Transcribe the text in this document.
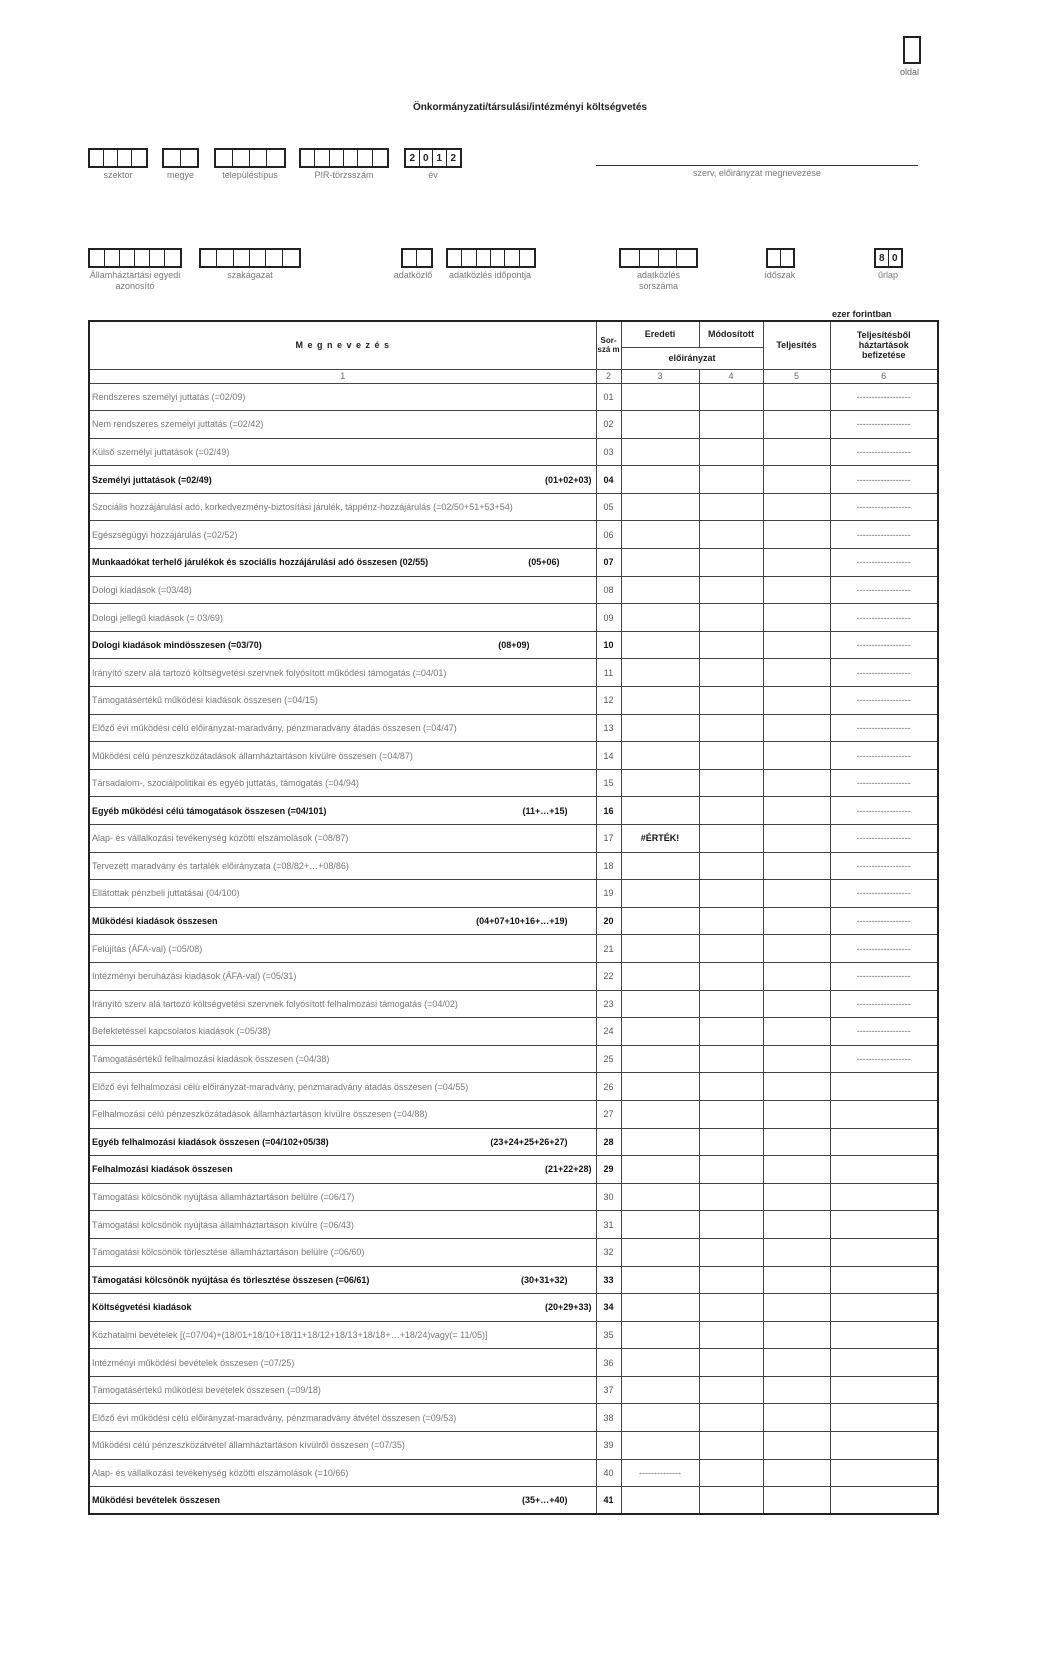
oldal
Önkormányzati/társulási/intézményi költségvetés
szektor	megye	településtípus	PIR-törzsszám
2 0 1 2
év	szerv, előirányzat megnevezése
Államháztartási egyedi azonosító
szakágazat	adatközlő	adatközlés időpontja	adatközlés sorszáma
időszak
8 0
űrlap
ezer forintban
M e g n e v e z é s	Sor-szá m	Eredeti	Módosított	Teljesítés	Teljesítésből háztartások befizetése
		előirányzat			
1	2	3	4	5	6
Rendszeres személyi juttatás (=02/09)	01				------------------
Nem rendszeres személyi juttatás (=02/42)	02				------------------
Külső személyi juttatások (=02/49)	03				------------------
Személyi juttatások (=02/49) (01+02+03)	04				------------------
Szociális hozzájárulási adó, korkedvezmény-biztosítási járulék, táppénz-hozzájárulás (=02/50+51+53+54)	05				------------------
Egészségügyi hozzájárulás (=02/52)	06				------------------
Munkaadókat terhelő járulékok és szociális hozzájárulási adó összesen (02/55) (05+06)	07				------------------
Dologi kiadások (=03/48)	08				------------------
Dologi jellegű kiadások (= 03/69)	09				------------------
Dologi kiadások mindösszesen (=03/70) (08+09)	10				------------------
Irányító szerv alá tartozó költségvetési szervnek folyósított működési támogatás (=04/01)	11				------------------
Támogatásértékű működési kiadások összesen (=04/15)	12				------------------
Előző évi működési célú előirányzat-maradvány, pénzmaradvány átadás összesen (=04/47)	13				------------------
Működési célú pénzeszközátadások államháztartáson kívülre összesen (=04/87)	14				------------------
Társadalom-, szociálpolitikai és egyéb juttatás, támogatás (=04/94)	15				------------------
Egyéb működési célú támogatások összesen (=04/101) (11+…+15)	16				------------------
Alap- és vállalkozási tevékenység közötti elszámolások (=08/87)	17	#ÉRTÉK!			------------------
Tervezett maradvány és tartalék előirányzata (=08/82+…+08/86)	18				------------------
Ellátottak pénzbeli juttatásai (04/100)	19				------------------
Működési kiadások összesen (04+07+10+16+…+19)	20				------------------
Felújítás (ÁFA-val) (=05/08)	21				------------------
Intézményi beruházási kiadások (ÁFA-val) (=05/31)	22				------------------
Irányító szerv alá tartozó költségvetési szervnek folyósított felhalmozási támogatás (=04/02)	23				------------------
Befektetéssel kapcsolatos kiadások (=05/38)	24				------------------
Támogatásértékű felhalmozási kiadások összesen (=04/38)	25				------------------
Előző évi felhalmozási célú előirányzat-maradvány, pénzmaradvány átadás összesen (=04/55)	26				
Felhalmozási célú pénzeszközátadások államháztartáson kívülre összesen (=04/88)	27				
Egyéb felhalmozási kiadások összesen (=04/102+05/38) (23+24+25+26+27)	28				
Felhalmozási kiadások összesen (21+22+28)	29				
Támogatási kölcsönök nyújtása államháztartáson belülre (=06/17)	30				
Támogatási kölcsönök nyújtása államháztartáson kívülre (=06/43)	31				
Támogatási kölcsönök törlesztése államháztartáson belülre (=06/60)	32				
Támogatási kölcsönök nyújtása és törlesztése összesen (=06/61) (30+31+32)	33				
Költségvetési kiadások (20+29+33)	34				
Közhatalmi bevételek [(=07/04)+(18/01+18/10+18/11+18/12+18/13+18/18+…+18/24)vagy(= 11/05)]	35				
Intézményi működési bevételek összesen (=07/25)	36				
Támogatásértékű működési bevételek összesen (=09/18)	37				
Előző évi működési célú előirányzat-maradvány, pénzmaradvány átvétel összesen (=09/53)	38				
Működési célú pénzeszközátvétel államháztartáson kívülről összesen (=07/35)	39				
Alap- és vállalkozási tevékenység közötti elszámolások (=10/66)	40	--------------			
Működési bevételek összesen (35+…+40)	41				
